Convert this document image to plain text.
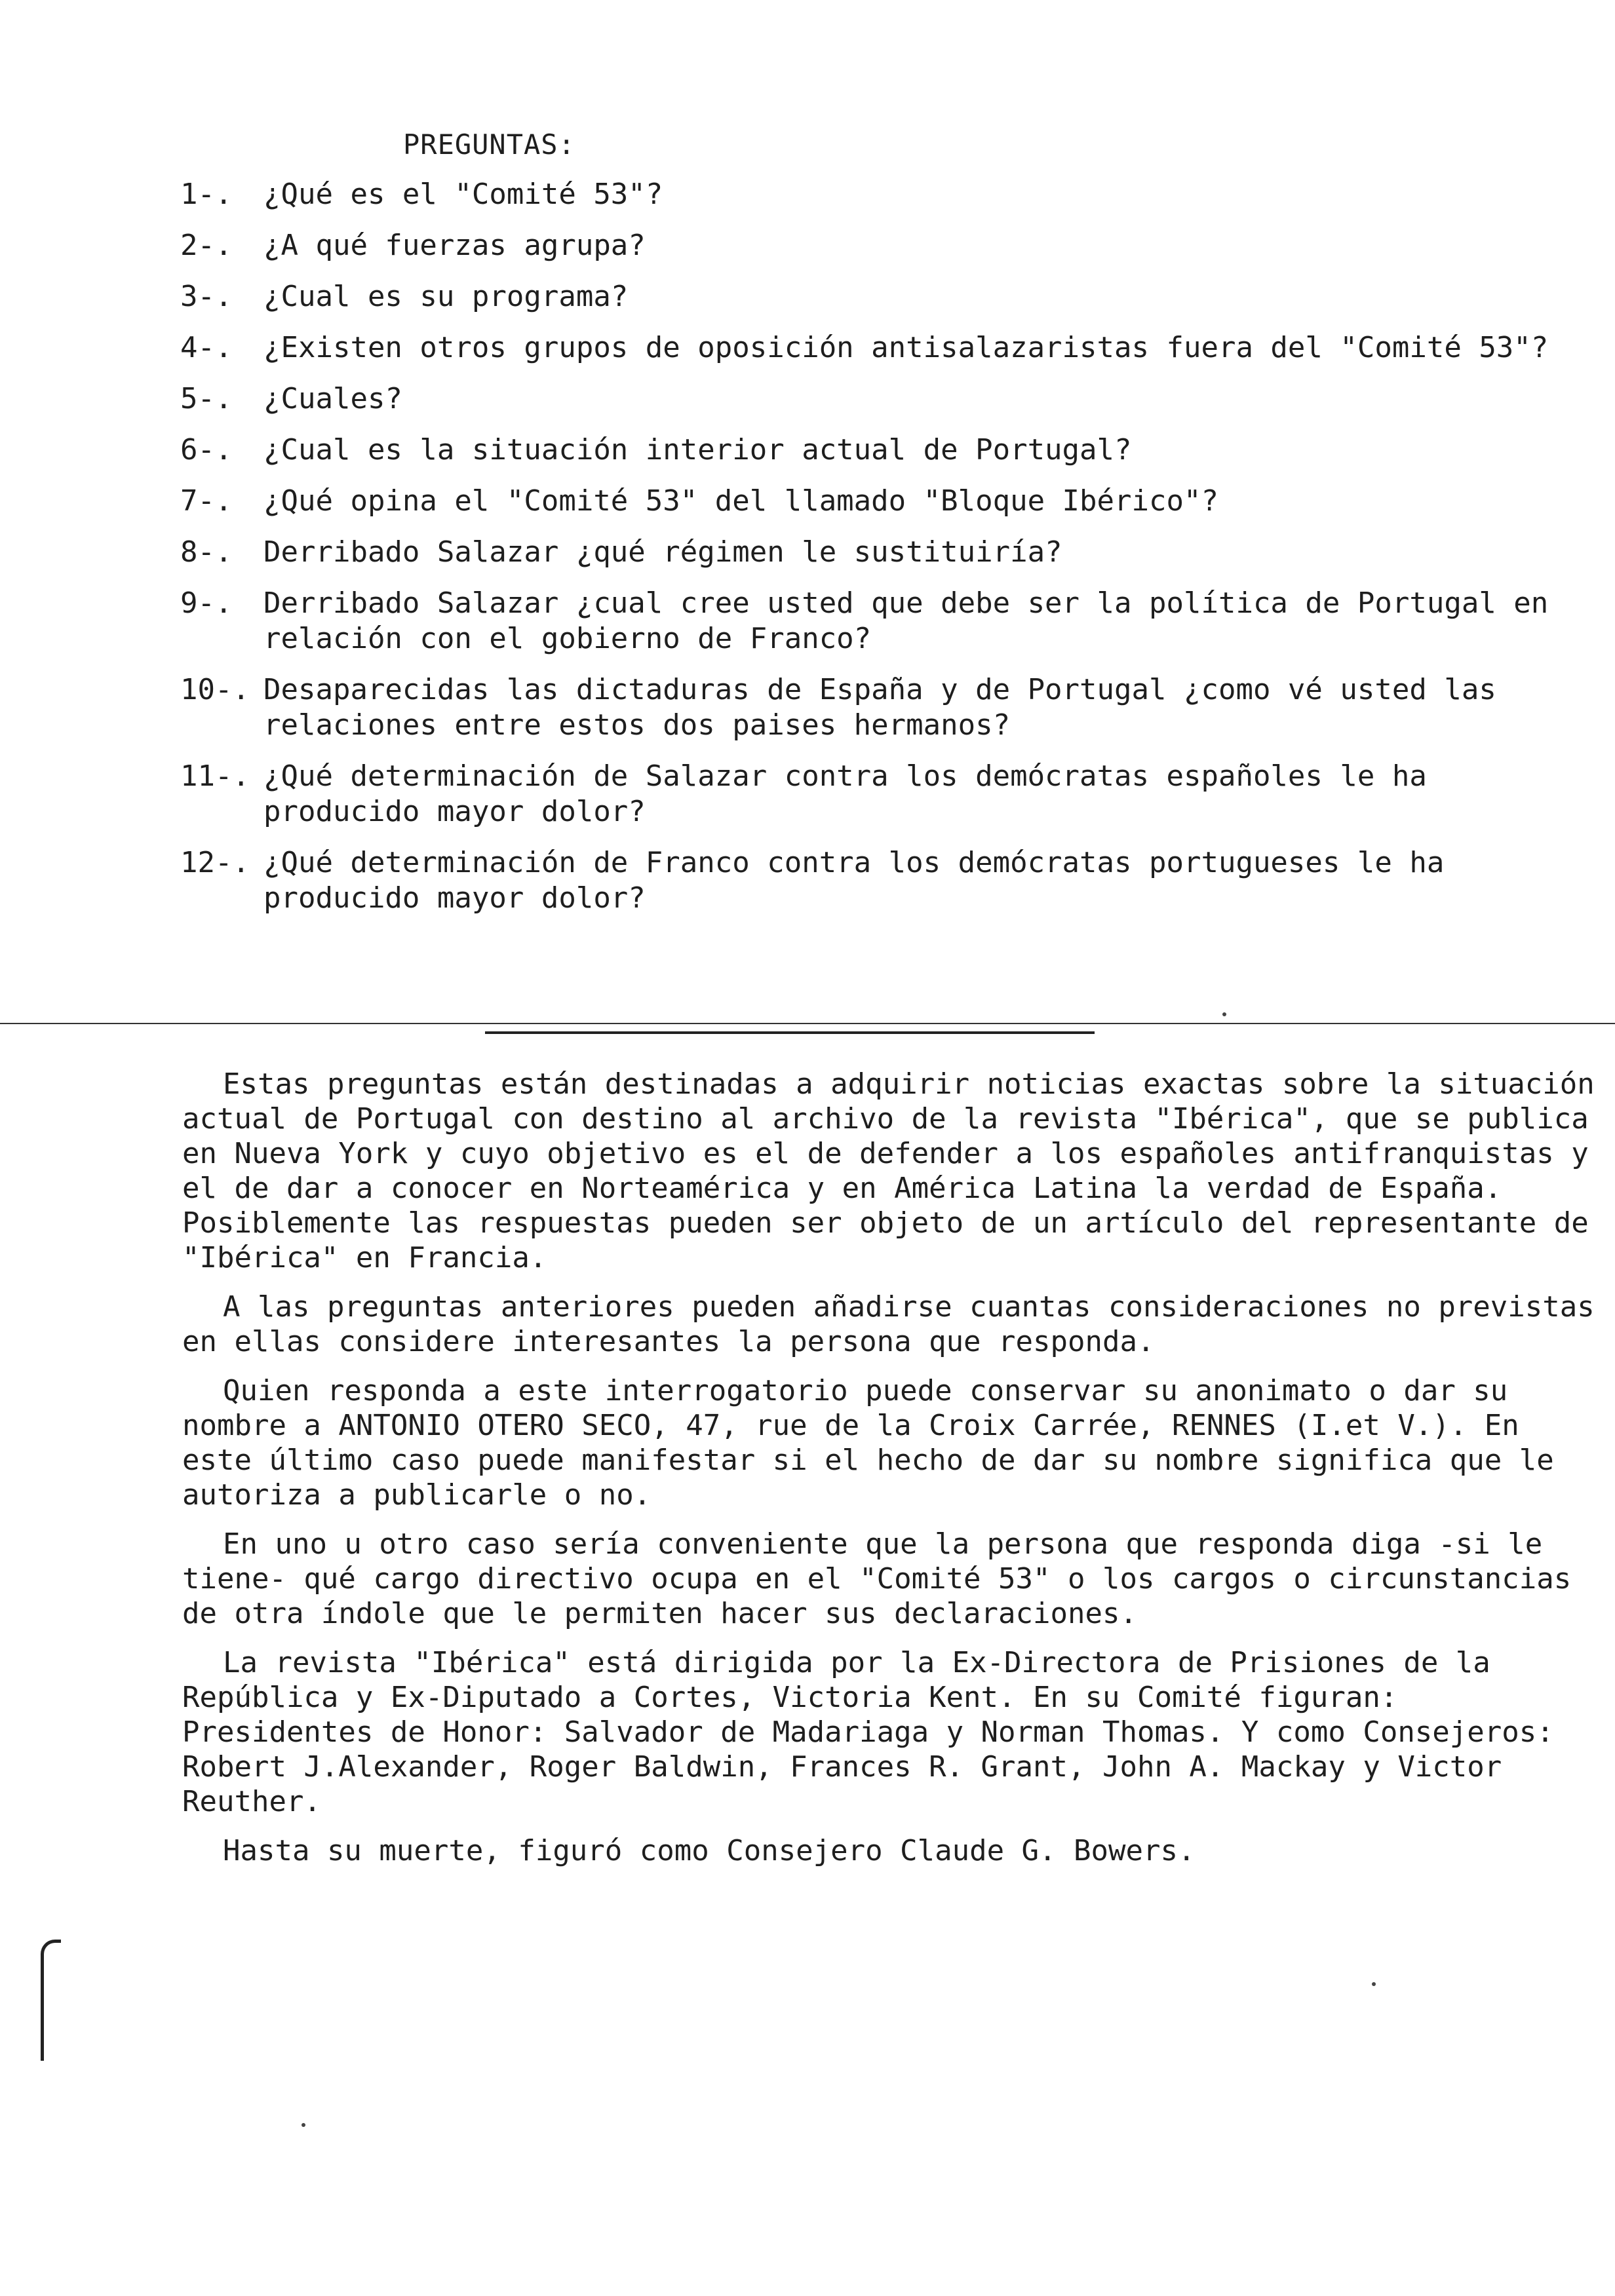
PREGUNTAS:
1-.	¿Qué es el "Comité 53"?
2-.	¿A qué fuerzas agrupa?
3-.	¿Cual es su programa?
4-.	¿Existen otros grupos de oposición antisalazaristas fuera del "Comité 53"?
5-.	¿Cuales?
6-.	¿Cual es la situación interior actual de Portugal?
7-.	¿Qué opina el "Comité 53" del llamado "Bloque Ibérico"?
8-.	Derribado Salazar ¿qué régimen le sustituiría?
9-.	Derribado Salazar ¿cual cree usted que debe ser la política de Portugal en relación con el gobierno de Franco?
10-. Desaparecidas las dictaduras de España y de Portugal ¿como vé usted las relaciones entre estos dos paises hermanos?
11-. ¿Qué determinación de Salazar contra los demócratas españoles le ha producido mayor dolor?
12-. ¿Qué determinación de Franco contra los demócratas portugueses le ha producido mayor dolor?

Estas preguntas están destinadas a adquirir noticias exactas sobre la situación actual de Portugal con destino al archivo de la revista "Ibérica", que se publica en Nueva York y cuyo objetivo es el de defender a los españoles antifranquistas y el de dar a conocer en Norteamérica y en América Latina la verdad de España. Posiblemente las respuestas pueden ser objeto de un artículo del representante de "Ibérica" en Francia.

A las preguntas anteriores pueden añadirse cuantas consideraciones no previstas en ellas considere interesantes la persona que responda.

Quien responda a este interrogatorio puede conservar su anonimato o dar su nombre a ANTONIO OTERO SECO, 47, rue de la Croix Carrée, RENNES (I.et V.). En este último caso puede manifestar si el hecho de dar su nombre significa que le autoriza a publicarle o no.

En uno u otro caso sería conveniente que la persona que responda diga -si le tiene- qué cargo directivo ocupa en el "Comité 53" o los cargos o circunstancias de otra índole que le permiten hacer sus declaraciones.

La revista "Ibérica" está dirigida por la Ex-Directora de Prisiones de la República y Ex-Diputado a Cortes, Victoria Kent. En su Comité figuran: Presidentes de Honor: Salvador de Madariaga y Norman Thomas. Y como Consejeros: Robert J.Alexander, Roger Baldwin, Frances R. Grant, John A. Mackay y Victor Reuther.

Hasta su muerte, figuró como Consejero Claude G. Bowers.
